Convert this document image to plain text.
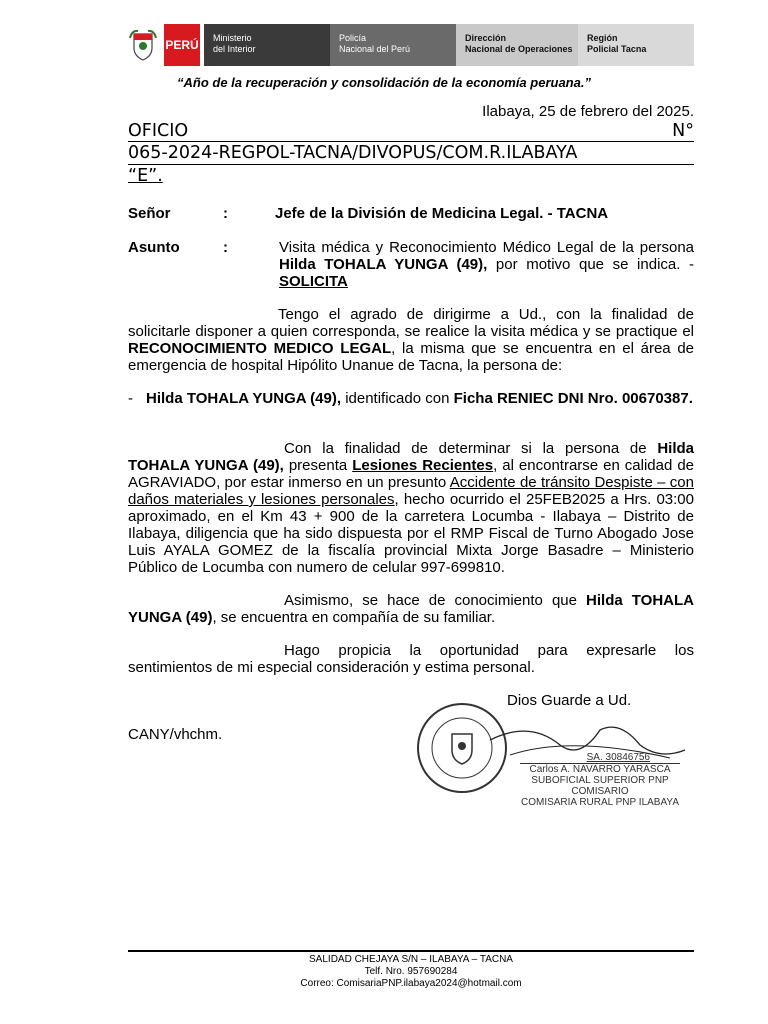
PERÚ Ministerio
del Interior
Policía
Nacional del Perú
Dirección
Nacional de Operaciones
Región
Policial Tacna
“Año de la recuperación y consolidación de la economía peruana.”
Ilabaya, 25 de febrero del 2025.
OFICIO	N°
065-2024-REGPOL-TACNA/DIVOPUS/COM.R.ILABAYA
“E”.
Señor	:	Jefe de la División de Medicina Legal. - TACNA
Asunto	:	Visita médica y Reconocimiento Médico Legal de la persona Hilda TOHALA YUNGA (49), por motivo que se indica. - SOLICITA
Tengo el agrado de dirigirme a Ud., con la finalidad de solicitarle disponer a quien corresponda, se realice la visita médica y se practique el RECONOCIMIENTO MEDICO LEGAL, la misma que se encuentra en el área de emergencia de hospital Hipólito Unanue de Tacna, la persona de:
- Hilda TOHALA YUNGA (49), identificado con Ficha RENIEC DNI Nro. 00670387.
Con la finalidad de determinar si la persona de Hilda TOHALA YUNGA (49), presenta Lesiones Recientes, al encontrarse en calidad de AGRAVIADO, por estar inmerso en un presunto Accidente de tránsito Despiste – con daños materiales y lesiones personales, hecho ocurrido el 25FEB2025 a Hrs. 03:00 aproximado, en el Km 43 + 900 de la carretera Locumba - Ilabaya – Distrito de Ilabaya, diligencia que ha sido dispuesta por el RMP Fiscal de Turno Abogado Jose Luis AYALA GOMEZ de la fiscalía provincial Mixta Jorge Basadre – Ministerio Público de Locumba con numero de celular 997-699810.
Asimismo, se hace de conocimiento que Hilda TOHALA YUNGA (49), se encuentra en compañía de su familiar.
Hago propicia la oportunidad para expresarle los sentimientos de mi especial consideración y estima personal.
Dios Guarde a Ud.
CANY/vhchm.
SA. 30846756
Carlos A. NAVARRO YARASCA
SUBOFICIAL SUPERIOR PNP
COMISARIO
COMISARIA RURAL PNP ILABAYA
SALIDAD CHEJAYA S/N – ILABAYA – TACNA
Telf. Nro. 957690284
Correo: ComisariaPNP.ilabaya2024@hotmail.com
